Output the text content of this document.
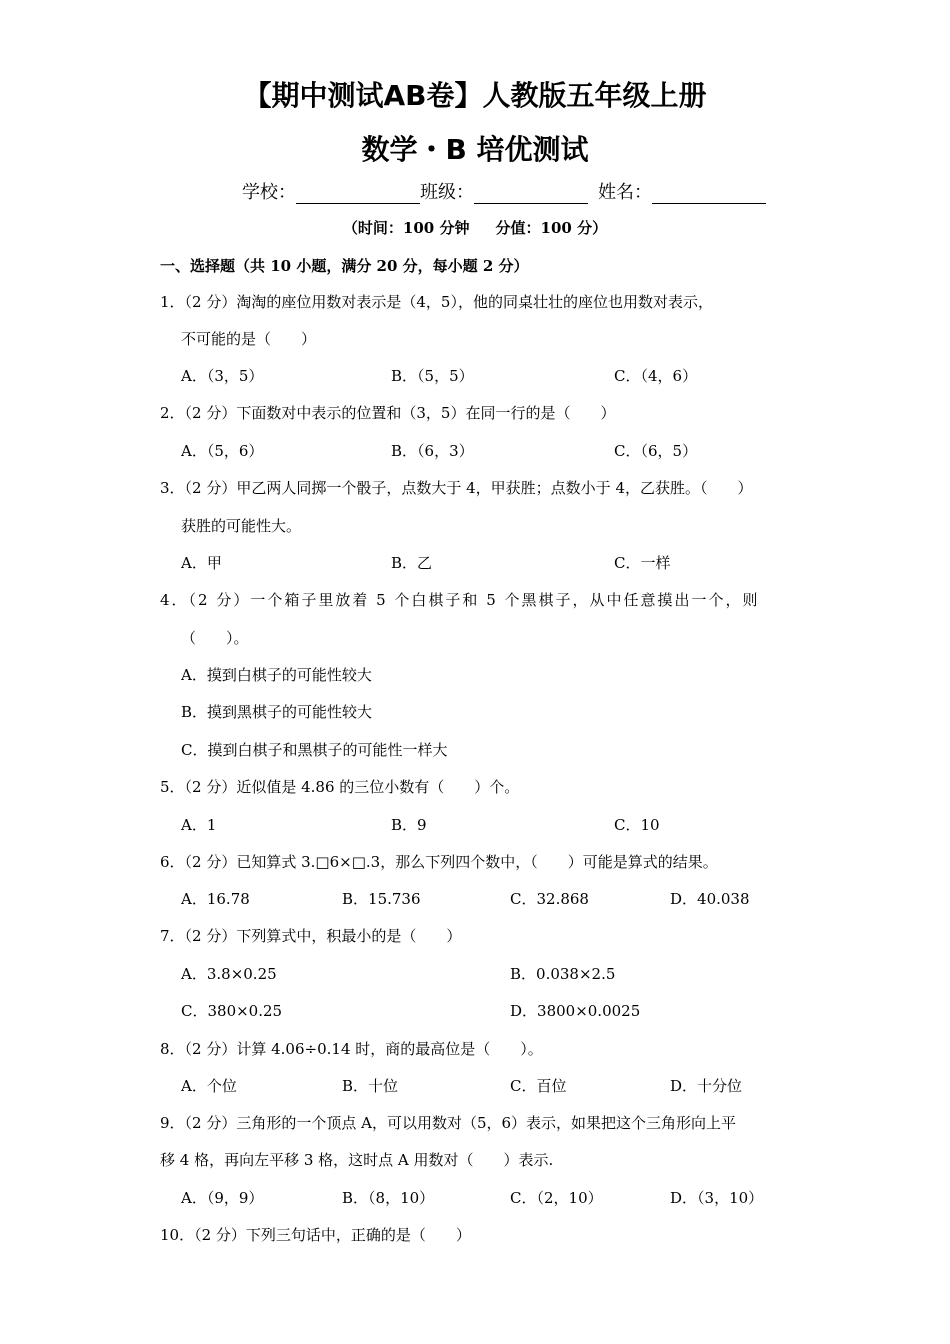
【期中测试AB卷】人教版五年级上册
数学・B 培优测试
学校：	班级：	姓名：
（时间：100 分钟     分值：100 分）
一、选择题（共 10 小题，满分 20 分，每小题 2 分）
1．（2 分）淘淘的座位用数对表示是（4，5），他的同桌壮壮的座位也用数对表示，
不可能的是（　　）
A．（3，5）	B．（5，5）	C．（4，6）
2．（2 分）下面数对中表示的位置和（3，5）在同一行的是（　　）
A．（5，6）	B．（6，3）	C．（6，5）
3．（2 分）甲乙两人同掷一个骰子，点数大于 4，甲获胜；点数小于 4，乙获胜。（　　）
获胜的可能性大。
A．甲	B．乙	C．一样
4．（2 分）一个箱子里放着 5 个白棋子和 5 个黑棋子，从中任意摸出一个，则
（　　）。
A．摸到白棋子的可能性较大
B．摸到黑棋子的可能性较大
C．摸到白棋子和黑棋子的可能性一样大
5．（2 分）近似值是 4.86 的三位小数有（　　）个。
A．1	B．9	C．10
6．（2 分）已知算式 3.□6×□.3，那么下列四个数中，（　　）可能是算式的结果。
A．16.78	B．15.736	C．32.868	D．40.038
7．（2 分）下列算式中，积最小的是（　　）
A．3.8×0.25	B．0.038×2.5
C．380×0.25	D．3800×0.0025
8．（2 分）计算 4.06÷0.14 时，商的最高位是（　　）。
A．个位	B．十位	C．百位	D．十分位
9．（2 分）三角形的一个顶点 A，可以用数对（5，6）表示，如果把这个三角形向上平
移 4 格，再向左平移 3 格，这时点 A 用数对（　　）表示.
A．（9，9）	B．（8，10）	C．（2，10）	D．（3，10）
10．（2 分）下列三句话中，正确的是（　　）
